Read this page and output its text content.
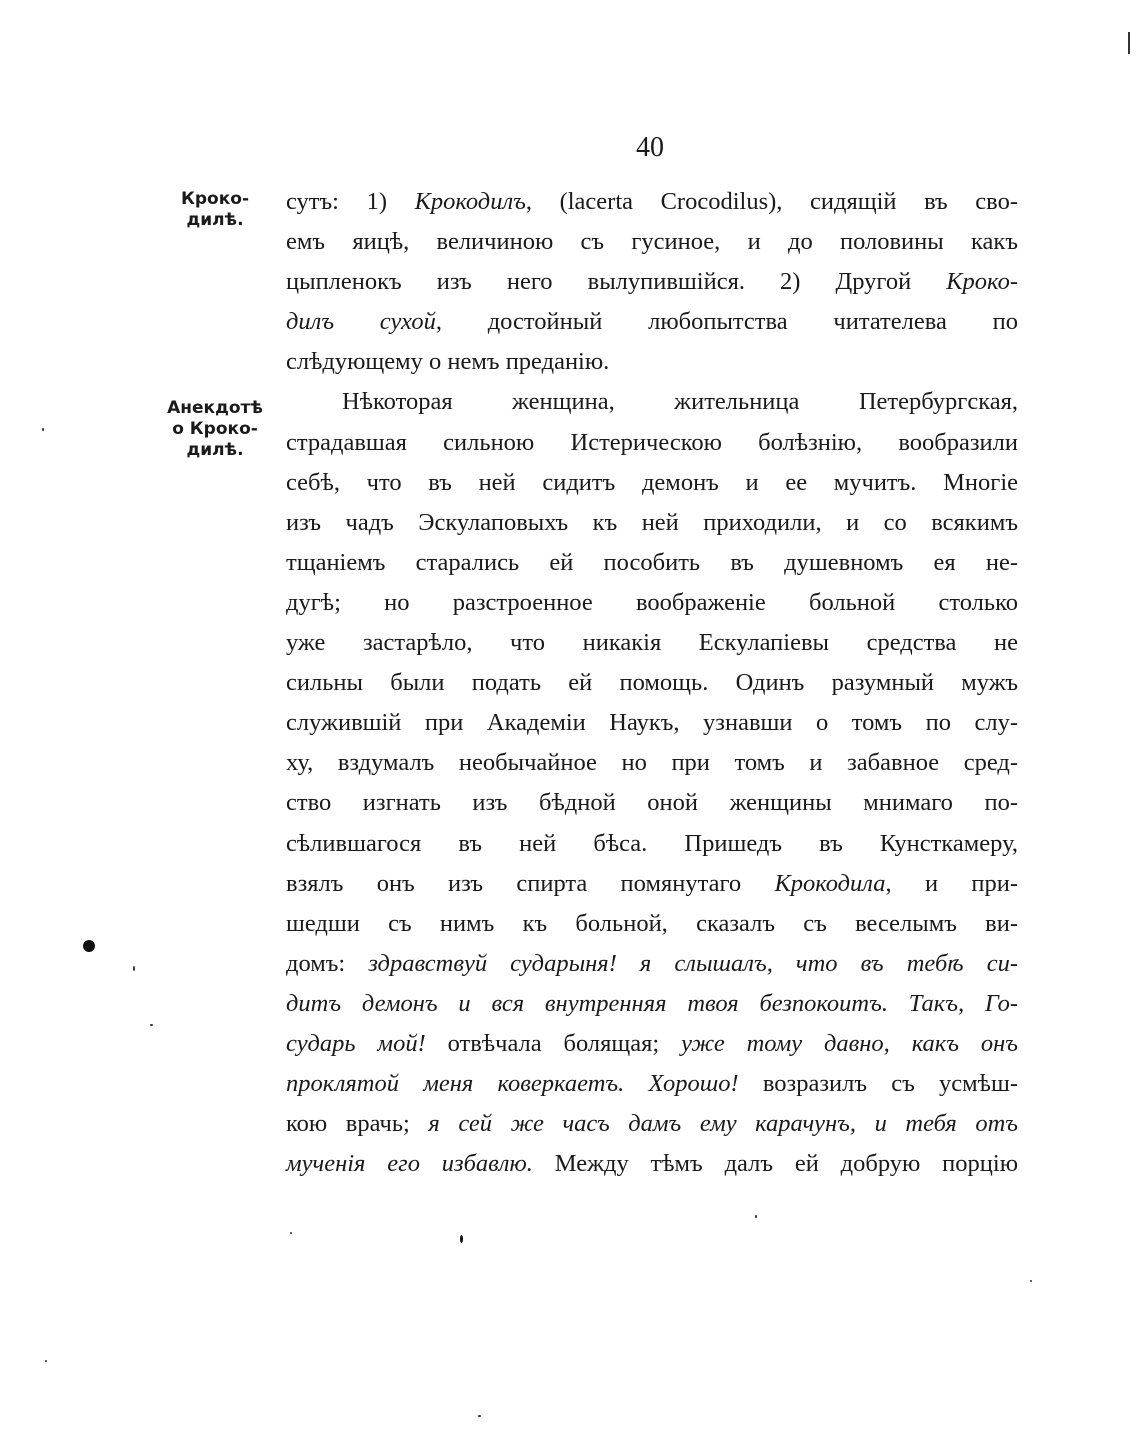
40
Кроко-
дилѣ.
Анекдотѣ
о Кроко-
дилѣ.
сутъ: 1) Крокодилъ, (lacerta Crocodilus), сидящій въ сво-
емъ яицѣ, величиною съ гусиное, и до половины какъ
цыпленокъ изъ него вылупившійся. 2) Другой Кроко-
дилъ сухой, достойный любопытства читателева по
слѣдующему о немъ преданію.
Нѣкоторая женщина, жительница Петербургская,
страдавшая сильною Истерическою болѣзнію, вообразили
себѣ, что въ ней сидитъ демонъ и ее мучитъ. Многіе
изъ чадъ Эскулаповыхъ къ ней приходили, и со всякимъ
тщаніемъ старались ей пособить въ душевномъ ея не-
дугѣ; но разстроенное воображеніе больной столько
уже застарѣло, что никакія Ескулапіевы средства не
сильны были подать ей помощь. Одинъ разумный мужъ
служившій при Академіи Наукъ, узнавши о томъ по слу-
ху, вздумалъ необычайное но при томъ и забавное сред-
ство изгнать изъ бѣдной оной женщины мнимаго по-
сѣлившагося въ ней бѣса. Пришедъ въ Кунсткамеру,
взялъ онъ изъ спирта помянутаго Крокодила, и при-
шедши съ нимъ къ больной, сказалъ съ веселымъ ви-
домъ: здравствуй сударыня! я слышалъ, что въ тебѣ си-
дитъ демонъ и вся внутренняя твоя безпокоитъ. Такъ, Го-
сударь мой! отвѣчала болящая; уже тому давно, какъ онъ
проклятой меня коверкаетъ. Хорошо! возразилъ съ усмѣш-
кою врачь; я сей же часъ дамъ ему карачунъ, и тебя отъ
мученія его избавлю. Между тѣмъ далъ ей добрую порцію
